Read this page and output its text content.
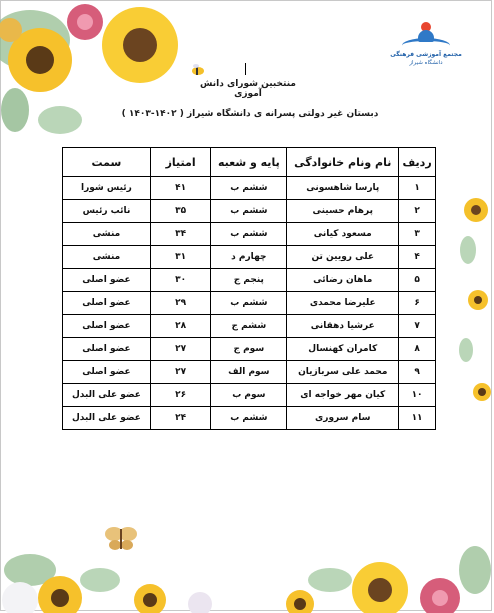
مجتمع آموزشی فرهنگی
دانشگاه شیراز
منتخبین شورای دانش آموزی
دبستان غیر دولتی پسرانه ی دانشگاه شیراز ( ۱۴۰۲-۱۴۰۳ )
ردیف	نام ونام خانوادگی	پایه و شعبه	امتیاز	سمت
۱	پارسا شاهسونی	ششم ب	۴۱	رئیس شورا
۲	پرهام حسینی	ششم ب	۳۵	نائب رئیس
۳	مسعود کیانی	ششم ب	۳۴	منشی
۴	علی رویین تن	چهارم د	۳۱	منشی
۵	ماهان رضائی	پنجم ج	۳۰	عضو اصلی
۶	علیرضا محمدی	ششم ب	۲۹	عضو اصلی
۷	عرشیا دهقانی	ششم ج	۲۸	عضو اصلی
۸	کامران کهنسال	سوم ج	۲۷	عضو اصلی
۹	محمد علی سربازیان	سوم الف	۲۷	عضو اصلی
۱۰	کیان مهر خواجه ای	سوم ب	۲۶	عضو علی البدل
۱۱	سام سروری	ششم ب	۲۴	عضو علی البدل
